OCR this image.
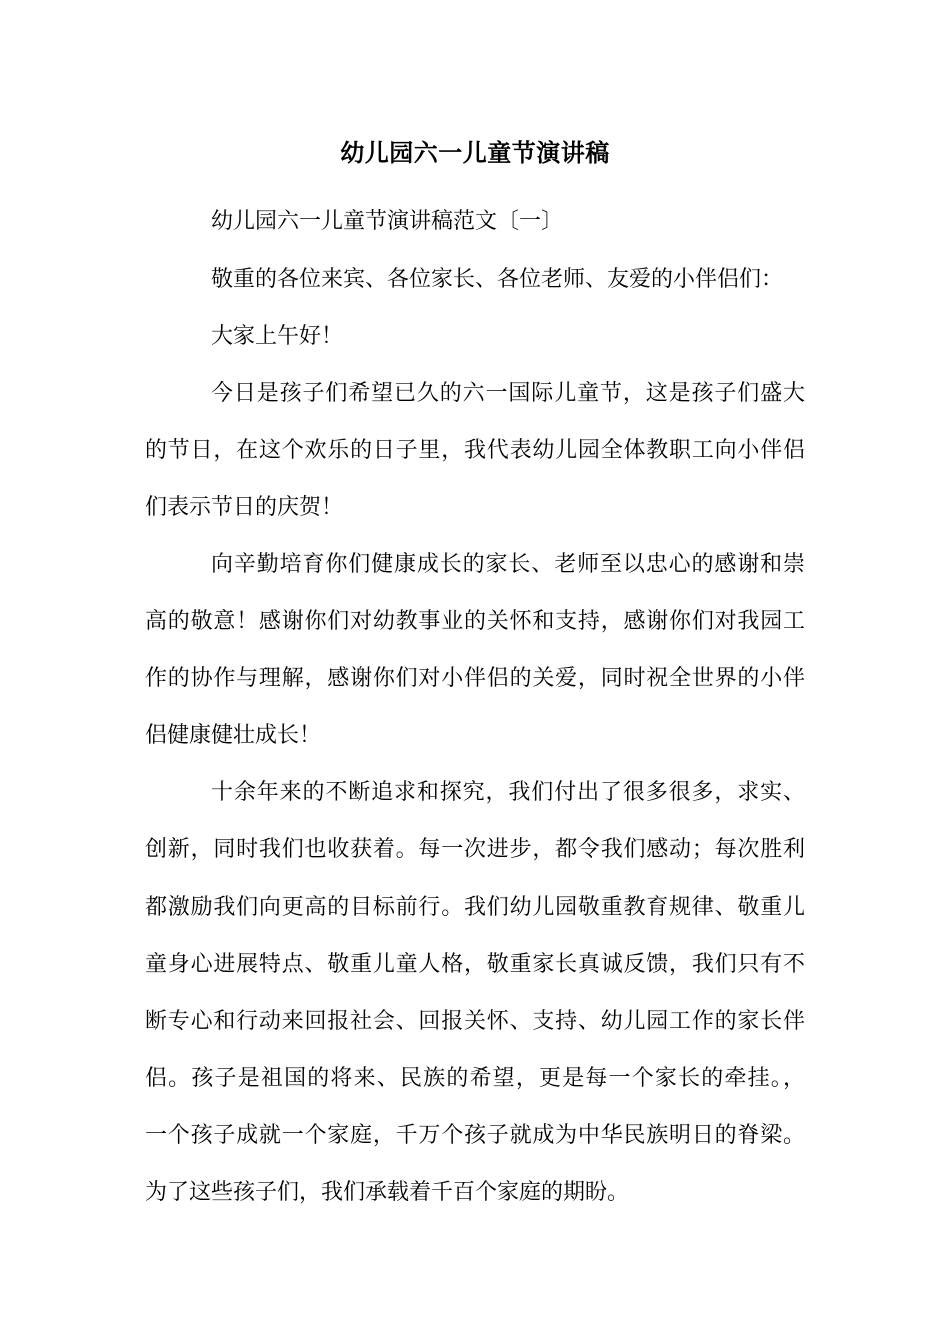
幼儿园六一儿童节演讲稿
幼儿园六一儿童节演讲稿范文〔一〕
敬重的各位来宾、各位家长、各位老师、友爱的小伴侣们：
大家上午好！
今日是孩子们希望已久的六一国际儿童节，这是孩子们盛大
的节日，在这个欢乐的日子里，我代表幼儿园全体教职工向小伴侣
们表示节日的庆贺！
向辛勤培育你们健康成长的家长、老师至以忠心的感谢和崇
高的敬意！感谢你们对幼教事业的关怀和支持，感谢你们对我园工
作的协作与理解，感谢你们对小伴侣的关爱，同时祝全世界的小伴
侣健康健壮成长！
十余年来的不断追求和探究，我们付出了很多很多，求实、
创新，同时我们也收获着。每一次进步，都令我们感动；每次胜利
都激励我们向更高的目标前行。我们幼儿园敬重教育规律、敬重儿
童身心进展特点、敬重儿童人格，敬重家长真诚反馈，我们只有不
断专心和行动来回报社会、回报关怀、支持、幼儿园工作的家长伴
侣。孩子是祖国的将来、民族的希望，更是每一个家长的牵挂。，
一个孩子成就一个家庭，千万个孩子就成为中华民族明日的脊梁。
为了这些孩子们，我们承载着千百个家庭的期盼。
